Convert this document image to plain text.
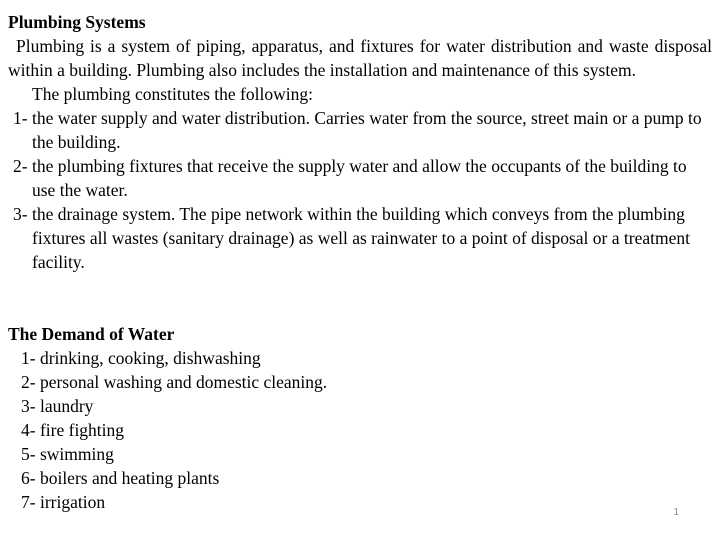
Plumbing Systems
Plumbing is a system of piping, apparatus, and fixtures for water distribution and waste disposal within a building. Plumbing also includes the installation and maintenance of this system.
The plumbing constitutes the following:
1- the water supply and water distribution. Carries water from the source, street main or a pump to the building.
2- the plumbing fixtures that receive the supply water and allow the occupants of the building to use the water.
3- the drainage system. The pipe network within the building which conveys from the plumbing fixtures all wastes (sanitary drainage) as well as rainwater to a point of disposal or a treatment facility.
The Demand of Water
1- drinking, cooking, dishwashing
2- personal washing and domestic cleaning.
3- laundry
4- fire fighting
5- swimming
6- boilers and heating plants
7- irrigation
1
